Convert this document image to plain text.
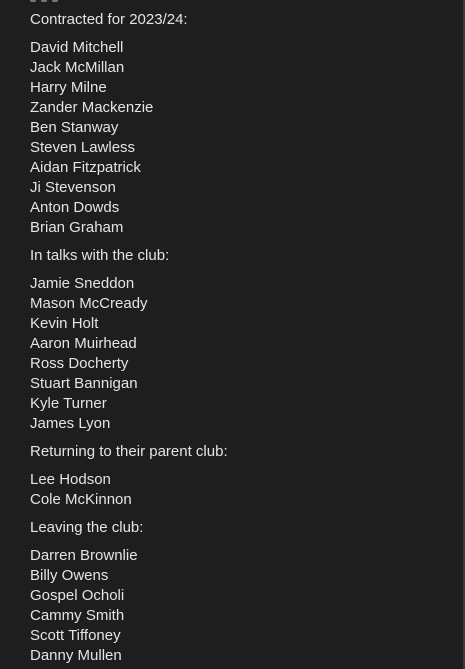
Contracted for 2023/24:

David Mitchell
Jack McMillan
Harry Milne
Zander Mackenzie
Ben Stanway
Steven Lawless
Aidan Fitzpatrick
Ji Stevenson
Anton Dowds
Brian Graham

In talks with the club:

Jamie Sneddon
Mason McCready
Kevin Holt
Aaron Muirhead
Ross Docherty
Stuart Bannigan
Kyle Turner
James Lyon

Returning to their parent club:

Lee Hodson
Cole McKinnon

Leaving the club:

Darren Brownlie
Billy Owens
Gospel Ocholi
Cammy Smith
Scott Tiffoney
Danny Mullen
